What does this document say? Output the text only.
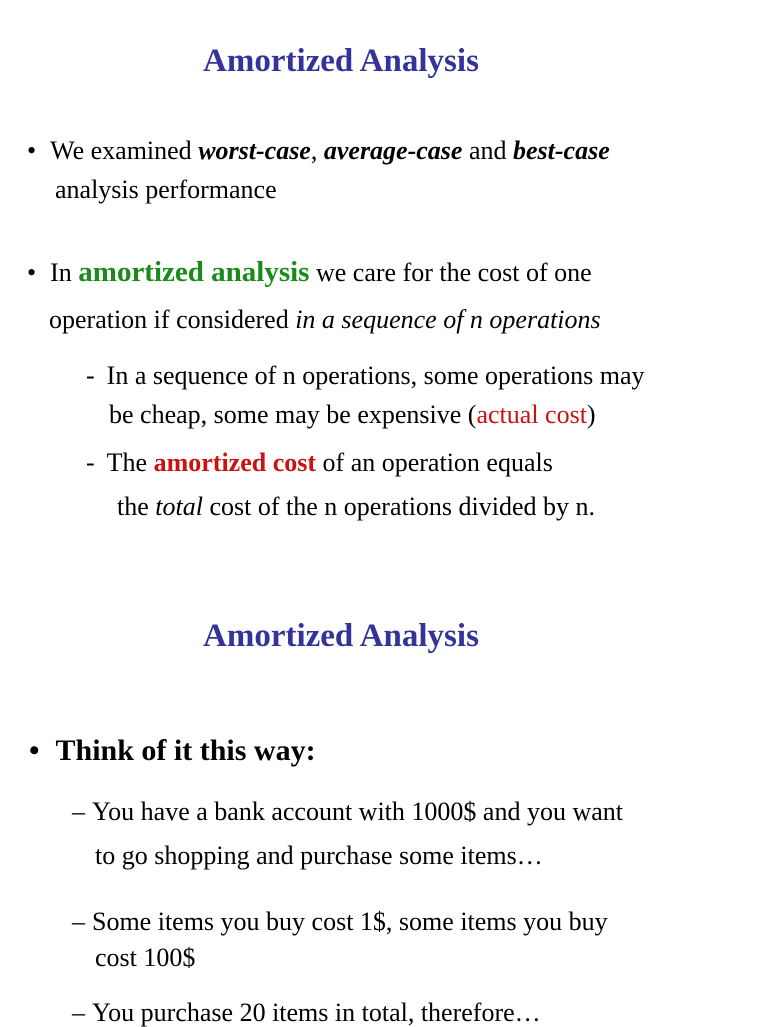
Amortized Analysis
• We examined worst-case, average-case and best-case
analysis performance
• In amortized analysis we care for the cost of one
operation if considered in a sequence of n operations
- In a sequence of n operations, some operations may
be cheap, some may be expensive (actual cost)
- The amortized cost of an operation equals
the total cost of the n operations divided by n.
Amortized Analysis
• Think of it this way:
– You have a bank account with 1000$ and you want
to go shopping and purchase some items…
– Some items you buy cost 1$, some items you buy
cost 100$
– You purchase 20 items in total, therefore…
